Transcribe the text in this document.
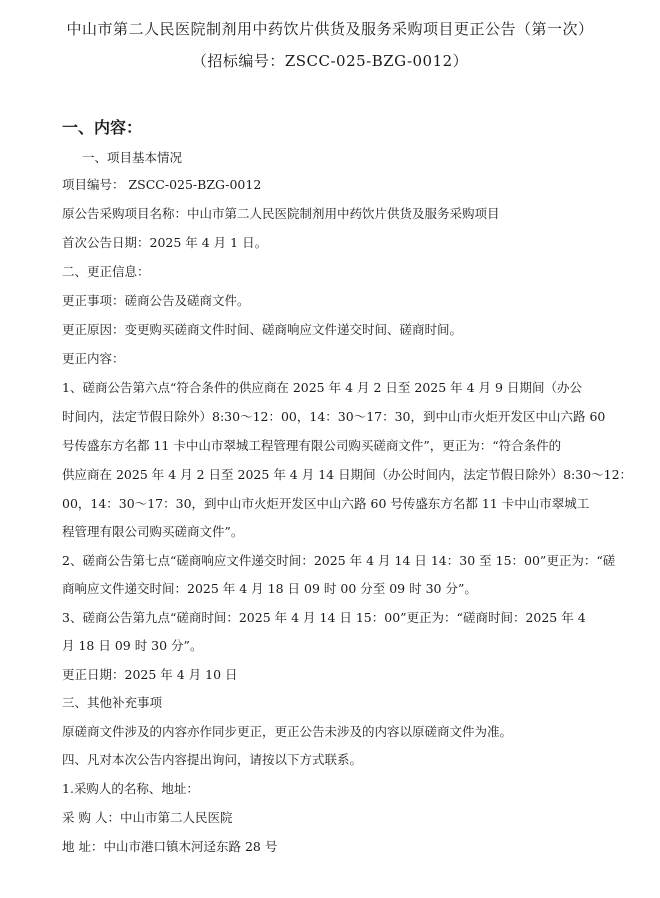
中山市第二人民医院制剂用中药饮片供货及服务采购项目更正公告（第一次）
（招标编号：ZSCC-025-BZG-0012）
一、内容：
一、项目基本情况
项目编号： ZSCC-025-BZG-0012
原公告采购项目名称：中山市第二人民医院制剂用中药饮片供货及服务采购项目
首次公告日期：2025 年 4 月 1 日。
二、更正信息：
更正事项：磋商公告及磋商文件。
更正原因：变更购买磋商文件时间、磋商响应文件递交时间、磋商时间。
更正内容：
1、磋商公告第六点“符合条件的供应商在 2025 年 4 月 2 日至 2025 年 4 月 9 日期间（办公
时间内，法定节假日除外）8:30～12：00，14：30～17：30，到中山市火炬开发区中山六路 60
号传盛东方名都 11 卡中山市翠城工程管理有限公司购买磋商文件”，更正为：“符合条件的
供应商在 2025 年 4 月 2 日至 2025 年 4 月 14 日期间（办公时间内，法定节假日除外）8:30～12：
00，14：30～17：30，到中山市火炬开发区中山六路 60 号传盛东方名都 11 卡中山市翠城工
程管理有限公司购买磋商文件”。
2、磋商公告第七点“磋商响应文件递交时间：2025 年 4 月 14 日 14：30 至 15：00”更正为：“磋
商响应文件递交时间：2025 年 4 月 18 日 09 时 00 分至 09 时 30 分”。
3、磋商公告第九点“磋商时间：2025 年 4 月 14 日 15：00”更正为：“磋商时间：2025 年 4
月 18 日 09 时 30 分”。
更正日期：2025 年 4 月 10 日
三、其他补充事项
原磋商文件涉及的内容亦作同步更正，更正公告未涉及的内容以原磋商文件为准。
四、凡对本次公告内容提出询问，请按以下方式联系。
1.采购人的名称、地址：
采 购 人：中山市第二人民医院
地 址：中山市港口镇木河迳东路 28 号
